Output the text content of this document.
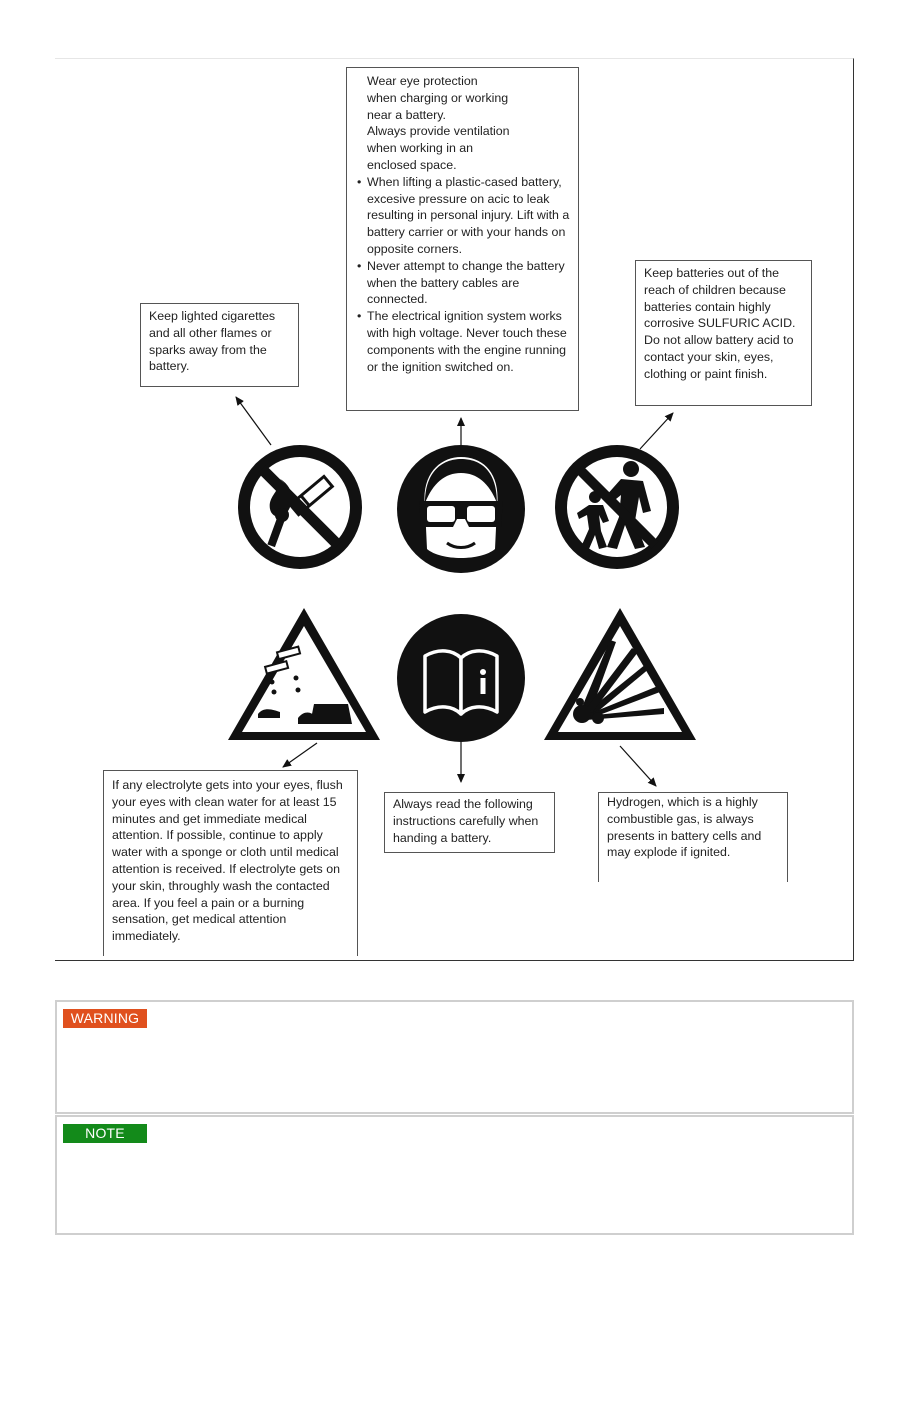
Wear eye protection

when charging or working

near a battery.

Always provide ventilation

when working in an

enclosed space.

• When lifting a plastic-cased battery, excesive pressure on acic to leak resulting in personal injury. Lift with a battery carrier or with your hands on opposite corners.
• Never attempt to change the battery when the battery cables are connected.
• The electrical ignition system works with high voltage. Never touch these components with the engine running or the ignition switched on.

Keep lighted cigarettes and all other flames or sparks away from the battery.

Keep batteries out of the reach of children because batteries contain highly corrosive SULFURIC ACID. Do not allow battery acid to contact your skin, eyes, clothing or paint finish.

If any electrolyte gets into your eyes, flush your eyes with clean water for at least 15 minutes and get immediate medical attention. If possible, continue to apply water with a sponge or cloth until medical attention is received. If electrolyte gets on your skin, throughly wash the contacted area. If you feel a pain or a burning sensation, get medical attention immediately.

Always read the following instructions carefully when handing a battery.

Hydrogen, which is a highly combustible gas, is always presents in battery cells and may explode if ignited.

WARNING
NOTE
